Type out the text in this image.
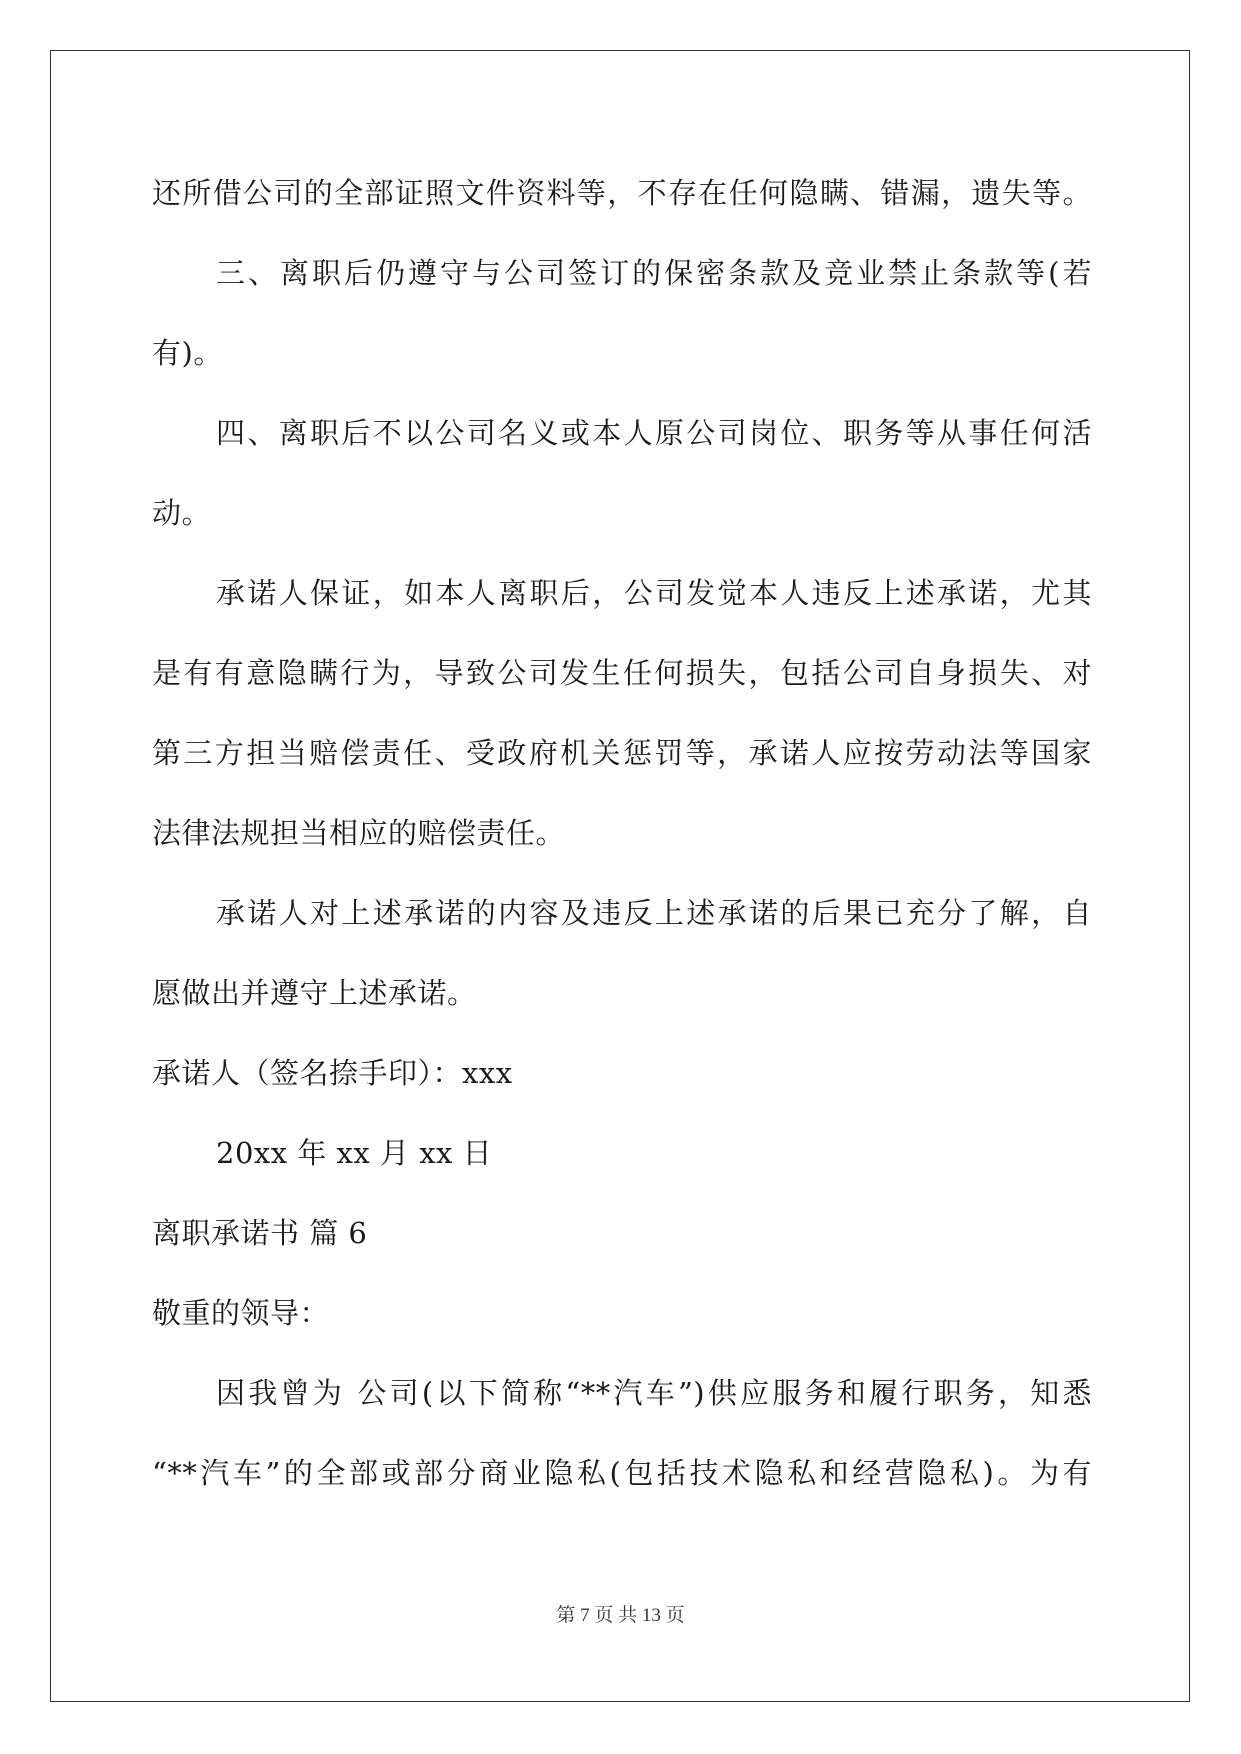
还所借公司的全部证照文件资料等，不存在任何隐瞒、错漏，遗失等。
三、离职后仍遵守与公司签订的保密条款及竞业禁止条款等(若
有)。
四、离职后不以公司名义或本人原公司岗位、职务等从事任何活
动。
承诺人保证，如本人离职后，公司发觉本人违反上述承诺，尤其
是有有意隐瞒行为，导致公司发生任何损失，包括公司自身损失、对
第三方担当赔偿责任、受政府机关惩罚等，承诺人应按劳动法等国家
法律法规担当相应的赔偿责任。
承诺人对上述承诺的内容及违反上述承诺的后果已充分了解，自
愿做出并遵守上述承诺。
承诺人（签名捺手印）：xxx
20xx 年 xx 月 xx 日
离职承诺书 篇 6
敬重的领导：
因我曾为 公司(以下简称“**汽车”)供应服务和履行职务，知悉
“**汽车”的全部或部分商业隐私(包括技术隐私和经营隐私)。为有
第 7 页 共 13 页
